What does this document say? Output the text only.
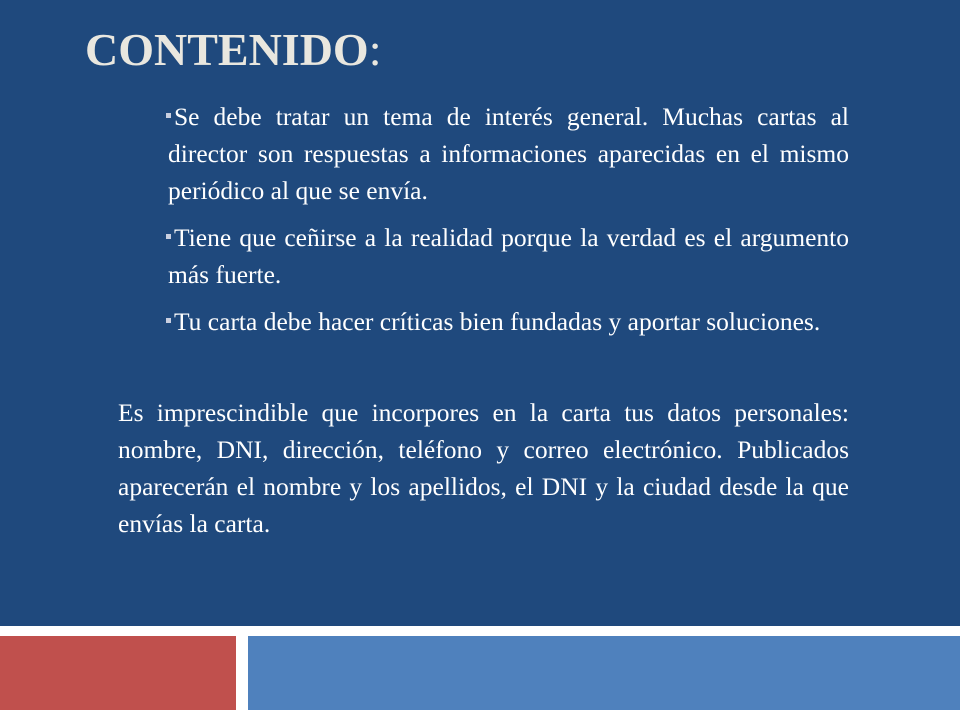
CONTENIDO:
Se debe tratar un tema de interés general. Muchas cartas al director son respuestas a informaciones aparecidas en el mismo periódico al que se envía.
Tiene que ceñirse a la realidad porque la verdad es el argumento más fuerte.
Tu carta debe hacer críticas bien fundadas y aportar soluciones.

Es imprescindible que incorpores en la carta tus datos personales: nombre, DNI, dirección, teléfono y correo electrónico. Publicados aparecerán el nombre y los apellidos, el DNI y la ciudad desde la que envías la carta.
